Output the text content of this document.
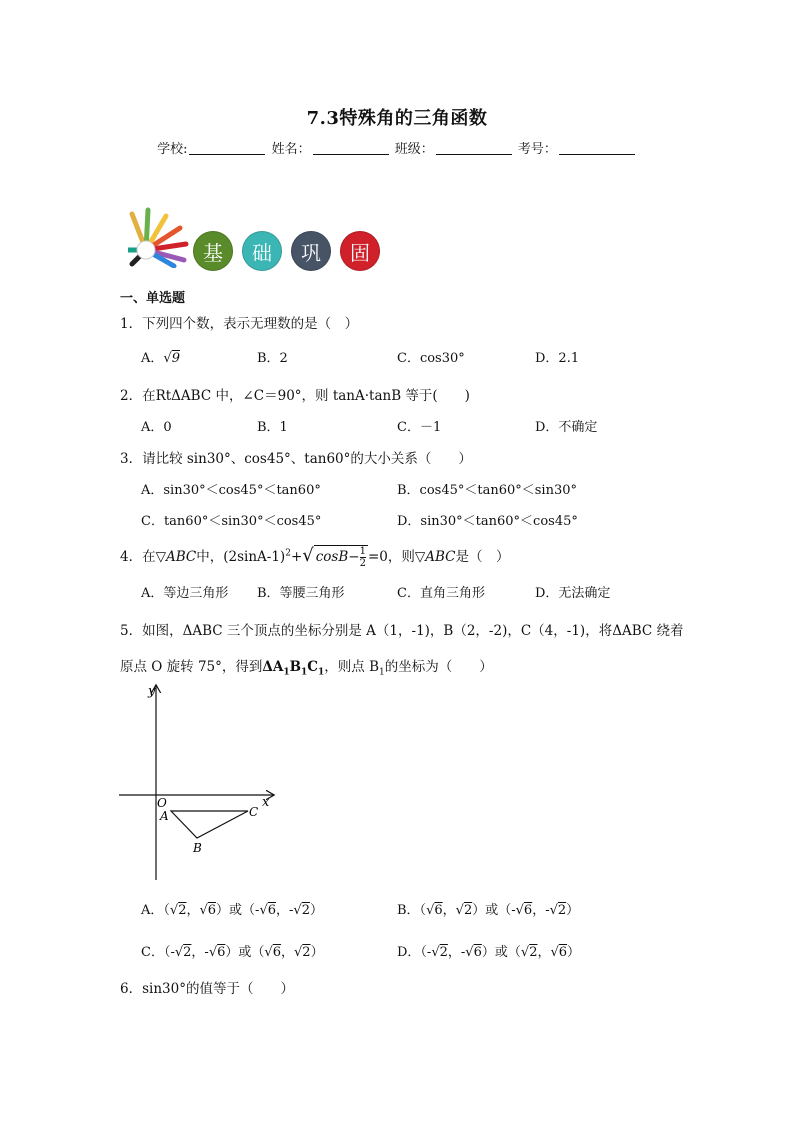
7.3特殊角的三角函数
学校:	姓名：	班级：	考号：
基 础 巩 固
一、单选题
1．下列四个数，表示无理数的是（　）
A．√9	B．2	C．cos30°	D．2.1
2．在RtΔABC 中，∠C＝90°，则 tanA·tanB 等于(　　)
A．0	B．1	C．－1	D．不确定
3．请比较 sin30°、cos45°、tan60°的大小关系（　　）
A．sin30°＜cos45°＜tan60°	B．cos45°＜tan60°＜sin30°
C．tan60°＜sin30°＜cos45°	D．sin30°＜tan60°＜cos45°
4．在▽ABC中，$(2\sin A-1)^2+√$ $\cos B- \frac{1}{2} =0$，则▽ABC是（　）
A．等边三角形 B．等腰三角形	C．直角三角形	D．无法确定
5．如图，ΔABC 三个顶点的坐标分别是 A（1，-1)，B（2，-2)，C（4，-1)，将ΔABC 绕着
原点 O 旋转 75°，得到$\Delta A_1B_1C_1$，则点 $B_1$的坐标为（　　）
y
x
O
A
B
C
A．（√2，√6）或（-√6，-√2）	B．（√6，√2）或（-√6，-√2）
C．（-√2，-√6）或（√6，√2）	D．（-√2，-√6）或（√2，√6）
6．sin30°的值等于（　　）
